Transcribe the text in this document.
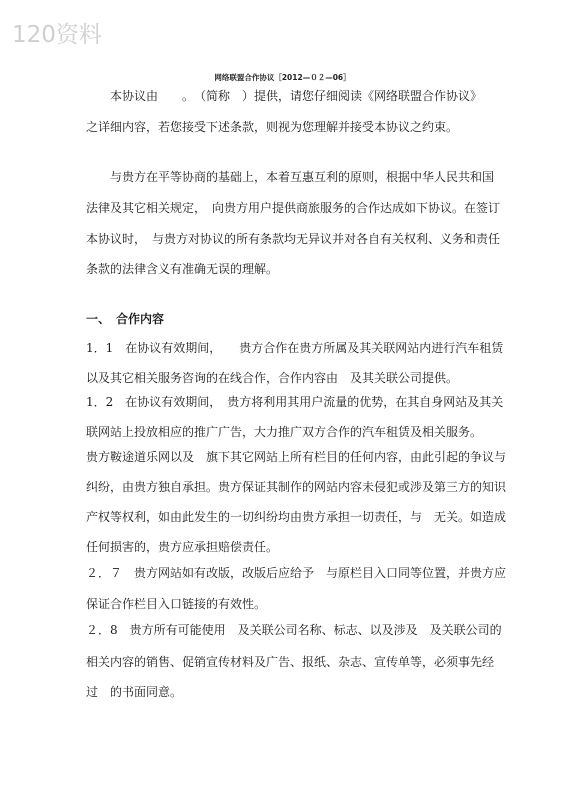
120资料
网络联盟合作协议［2012—０２—06］
　　本协议由　　。　（简称　）提供，请您仔细阅读《网络联盟合作协议》
之详细内容，若您接受下述条款，则视为您理解并接受本协议之约束。
　　与贵方在平等协商的基础上，本着互惠互利的原则，根据中华人民共和国
法律及其它相关规定，　向贵方用户提供商旅服务的合作达成如下协议。在签订
本协议时，　与贵方对协议的所有条款均无异议并对各自有关权利、义务和责任
条款的法律含义有准确无误的理解。
一、　合作内容
1．1　在协议有效期间，　　贵方合作在贵方所属及其关联网站内进行汽车租赁
以及其它相关服务咨询的在线合作，合作内容由　及其关联公司提供。
1．2　在协议有效期间，　贵方将利用其用户流量的优势，在其自身网站及其关
联网站上投放相应的推广广告，大力推广双方合作的汽车租赁及相关服务。
贵方鞍途道乐网以及　旗下其它网站上所有栏目的任何内容，由此引起的争议与
纠纷，由贵方独自承担。贵方保证其制作的网站内容未侵犯或涉及第三方的知识
产权等权利，如由此发生的一切纠纷均由贵方承担一切责任，与　无关。如造成
任何损害的，贵方应承担赔偿责任。
２．７　贵方网站如有改版，改版后应给予　与原栏目入口同等位置，并贵方应
保证合作栏目入口链接的有效性。
２．8　贵方所有可能使用　及关联公司名称、标志、以及涉及　及关联公司的
相关内容的销售、促销宣传材料及广告、报纸、杂志、宣传单等，必须事先经
过　的书面同意。
